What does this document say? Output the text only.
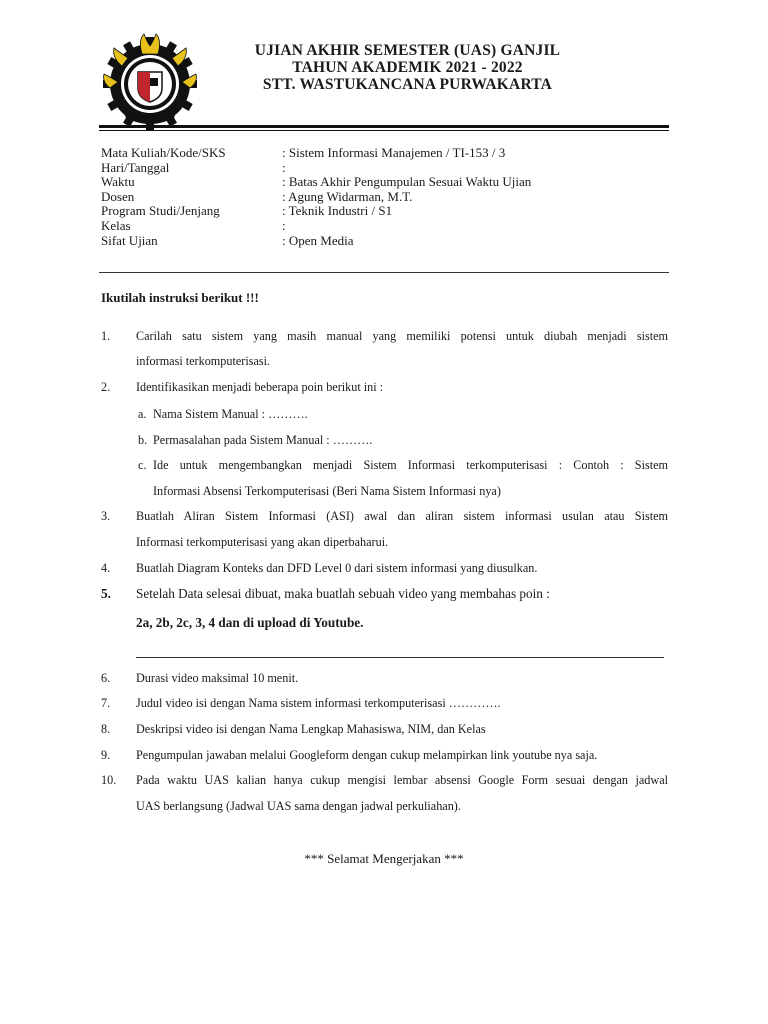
UJIAN AKHIR SEMESTER (UAS) GANJIL
TAHUN AKADEMIK 2021 - 2022
STT. WASTUKANCANA PURWAKARTA
Mata Kuliah/Kode/SKS	: Sistem Informasi Manajemen / TI-153 / 3
Hari/Tanggal	:
Waktu	: Batas Akhir Pengumpulan Sesuai Waktu Ujian
Dosen	: Agung Widarman, M.T.
Program Studi/Jenjang	: Teknik Industri / S1
Kelas	:
Sifat Ujian	: Open Media
Ikutilah instruksi berikut !!!
1. Carilah satu sistem yang masih manual yang memiliki potensi untuk diubah menjadi sistem
informasi terkomputerisasi.
2. Identifikasikan menjadi beberapa poin berikut ini :
a. Nama Sistem Manual : ……….
b. Permasalahan pada Sistem Manual : ……….
c. Ide untuk mengembangkan menjadi Sistem Informasi terkomputerisasi : Contoh : Sistem
Informasi Absensi Terkomputerisasi (Beri Nama Sistem Informasi nya)
3. Buatlah Aliran Sistem Informasi (ASI) awal dan aliran sistem informasi usulan atau Sistem
Informasi terkomputerisasi yang akan diperbaharui.
4. Buatlah Diagram Konteks dan DFD Level 0 dari sistem informasi yang diusulkan.
5. Setelah Data selesai dibuat, maka buatlah sebuah video yang membahas poin :
2a, 2b, 2c, 3, 4 dan di upload di Youtube.
6. Durasi video maksimal 10 menit.
7. Judul video isi dengan Nama sistem informasi terkomputerisasi ………….
8. Deskripsi video isi dengan Nama Lengkap Mahasiswa, NIM, dan Kelas
9. Pengumpulan jawaban melalui Googleform dengan cukup melampirkan link youtube nya saja.
10. Pada waktu UAS kalian hanya cukup mengisi lembar absensi Google Form sesuai dengan jadwal
UAS berlangsung (Jadwal UAS sama dengan jadwal perkuliahan).
*** Selamat Mengerjakan ***
